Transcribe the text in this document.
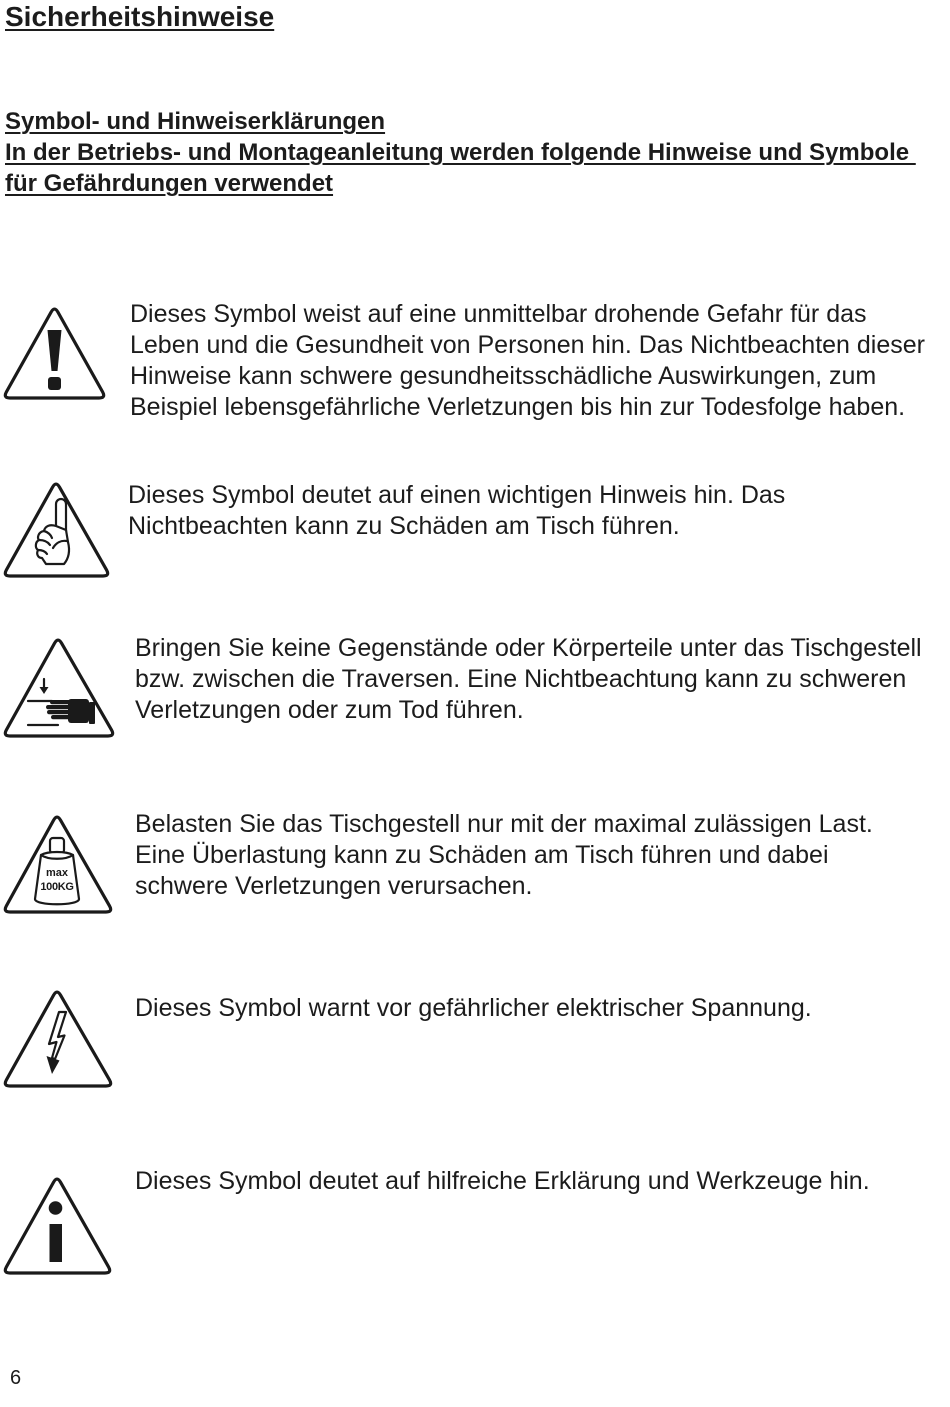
Sicherheitshinweise
Symbol- und Hinweiserklärungen
In der Betriebs- und Montageanleitung werden folgende Hinweise und Symbole
für Gefährdungen verwendet
Dieses Symbol weist auf eine unmittelbar drohende Gefahr für das
Leben und die Gesundheit von Personen hin. Das Nichtbeachten dieser
Hinweise kann schwere gesundheitsschädliche Auswirkungen, zum
Beispiel lebensgefährliche Verletzungen bis hin zur Todesfolge haben.
Dieses Symbol deutet auf einen wichtigen Hinweis hin. Das
Nichtbeachten kann zu Schäden am Tisch führen.
Bringen Sie keine Gegenstände oder Körperteile unter das Tischgestell
bzw. zwischen die Traversen. Eine Nichtbeachtung kann zu schweren
Verletzungen oder zum Tod führen.
max
100KG
Belasten Sie das Tischgestell nur mit der maximal zulässigen Last.
Eine Überlastung kann zu Schäden am Tisch führen und dabei
schwere Verletzungen verursachen.
Dieses Symbol warnt vor gefährlicher elektrischer Spannung.
Dieses Symbol deutet auf hilfreiche Erklärung und Werkzeuge hin.
6
